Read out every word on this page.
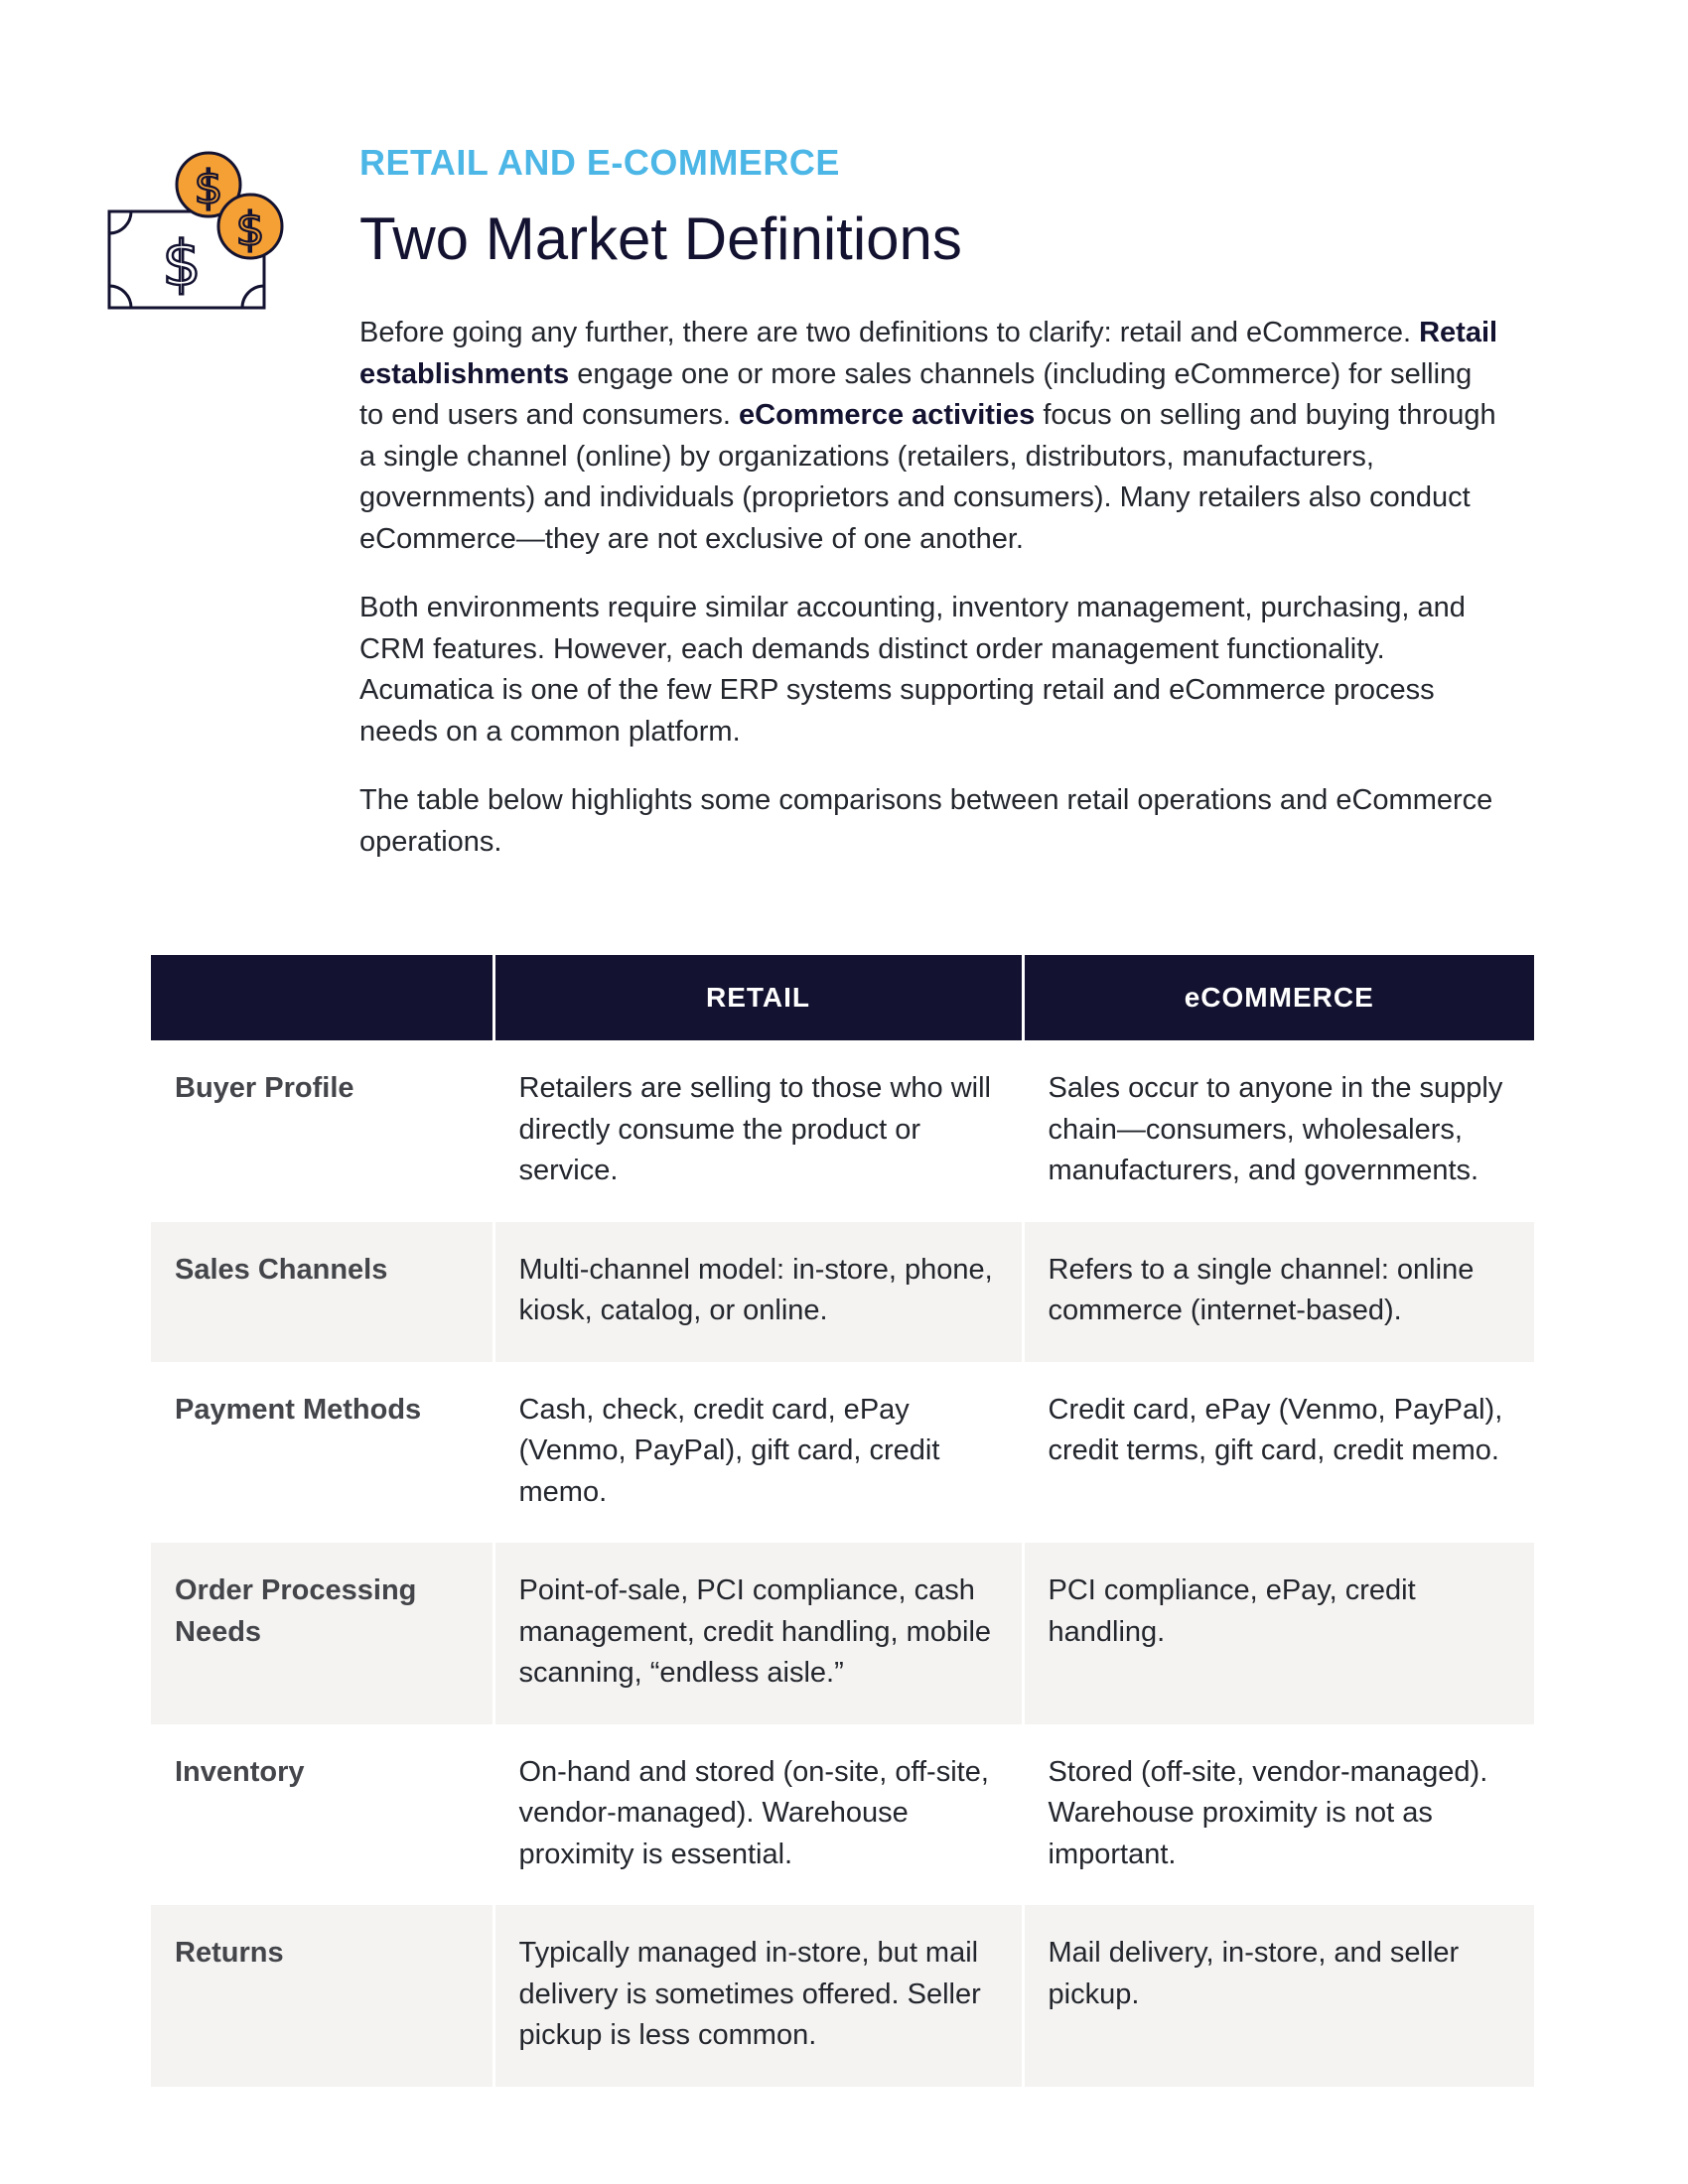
$
$
$

RETAIL AND E-COMMERCE

Two Market Definitions

Before going any further, there are two definitions to clarify: retail and eCommerce. Retail establishments engage one or more sales channels (including eCommerce) for selling to end users and consumers. eCommerce activities focus on selling and buying through a single channel (online) by organizations (retailers, distributors, manufacturers, governments) and individuals (proprietors and consumers). Many retailers also conduct eCommerce—they are not exclusive of one another.

Both environments require similar accounting, inventory management, purchasing, and CRM features. However, each demands distinct order management functionality. Acumatica is one of the few ERP systems supporting retail and eCommerce process needs on a common platform.

The table below highlights some comparisons between retail operations and eCommerce operations.

	RETAIL	eCOMMERCE
Buyer Profile	Retailers are selling to those who will directly consume the product or service.	Sales occur to anyone in the supply chain—consumers, wholesalers, manufacturers, and governments.
Sales Channels	Multi-channel model: in-store, phone, kiosk, catalog, or online.	Refers to a single channel: online commerce (internet-based).
Payment Methods	Cash, check, credit card, ePay (Venmo, PayPal), gift card, credit memo.	Credit card, ePay (Venmo, PayPal), credit terms, gift card, credit memo.
Order Processing Needs	Point-of-sale, PCI compliance, cash management, credit handling, mobile scanning, “endless aisle.”	PCI compliance, ePay, credit handling.
Inventory	On-hand and stored (on-site, off-site, vendor-managed). Warehouse proximity is essential.	Stored (off-site, vendor-managed). Warehouse proximity is not as important.
Returns	Typically managed in-store, but mail delivery is sometimes offered. Seller pickup is less common.	Mail delivery, in-store, and seller pickup.
